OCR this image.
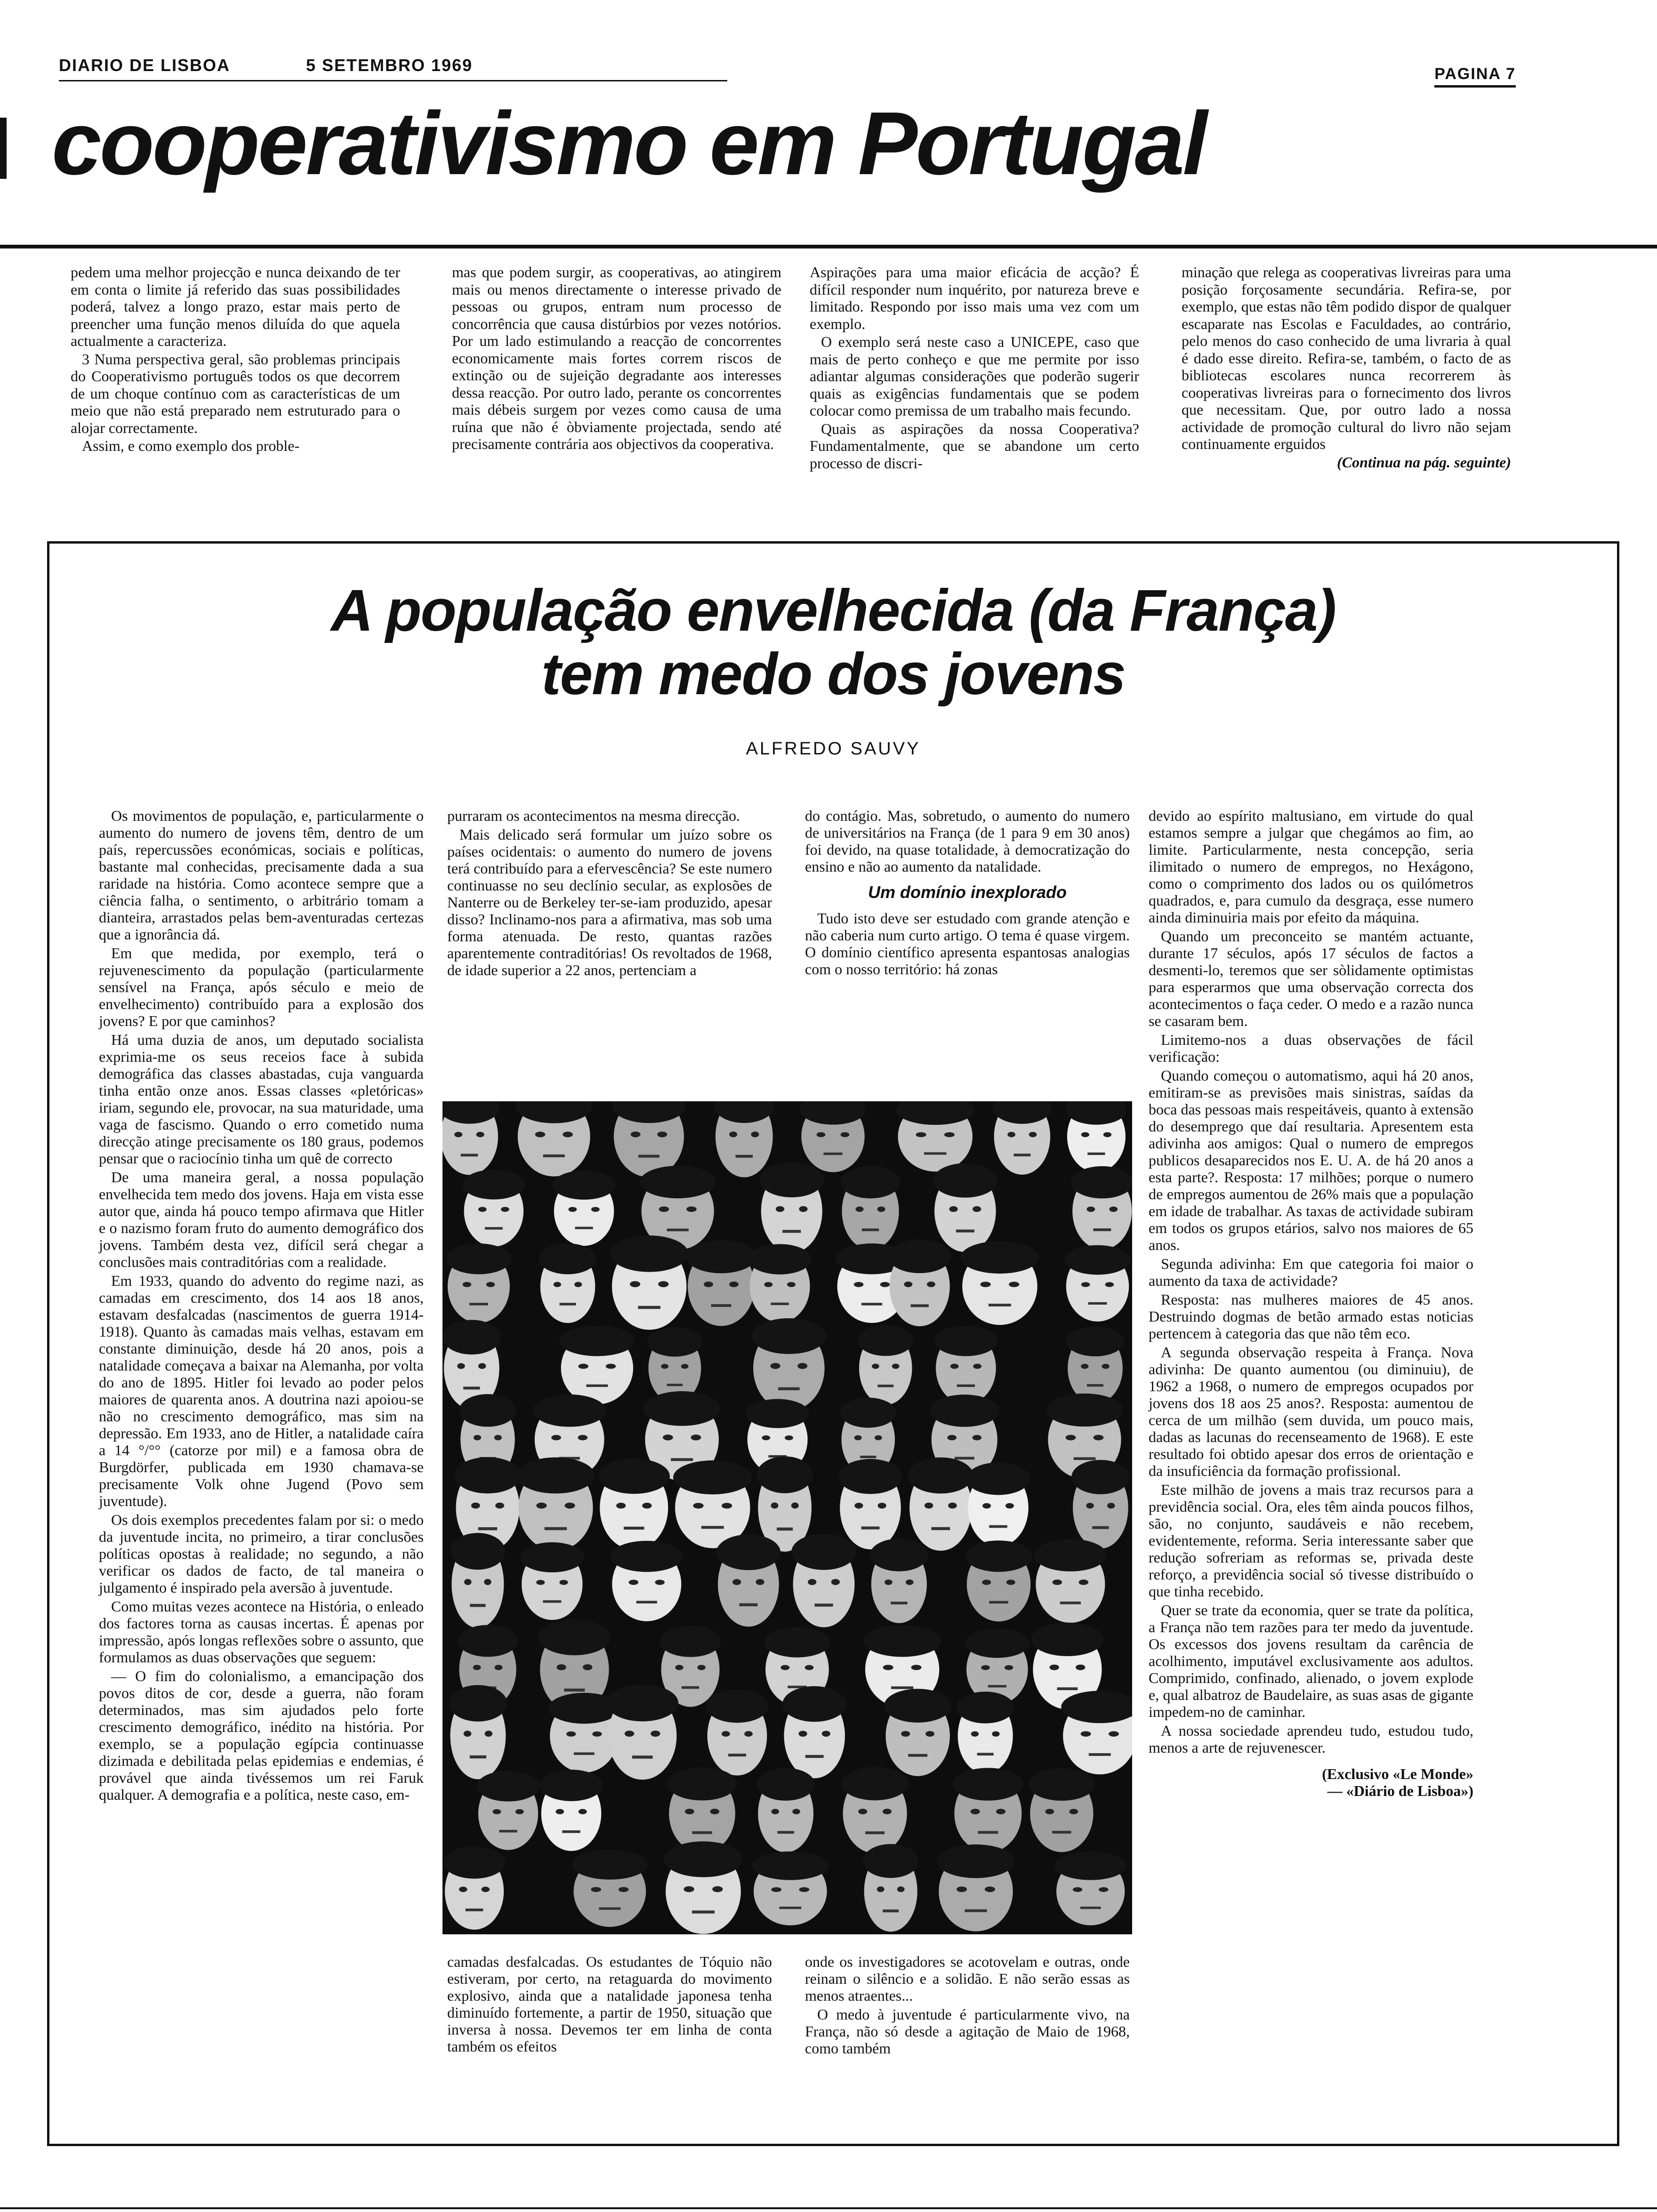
DIARIO DE LISBOA	5 SETEMBRO 1969	PAGINA 7
cooperativismo em Portugal

pedem uma melhor projecção e nunca deixando de ter em conta o limite já referido das suas possibilidades poderá, talvez a longo prazo, estar mais perto de preencher uma função menos diluída do que aquela actualmente a caracteriza.

3 Numa perspectiva geral, são problemas principais do Cooperativismo português todos os que decorrem de um choque contínuo com as características de um meio que não está preparado nem estruturado para o alojar correctamente.

Assim, e como exemplo dos proble-

mas que podem surgir, as cooperativas, ao atingirem mais ou menos directamente o interesse privado de pessoas ou grupos, entram num processo de concorrência que causa distúrbios por vezes notórios. Por um lado estimulando a reacção de concorrentes economicamente mais fortes correm riscos de extinção ou de sujeição degradante aos interesses dessa reacção. Por outro lado, perante os concorrentes mais débeis surgem por vezes como causa de uma ruína que não é òbviamente projectada, sendo até precisamente contrária aos objectivos da cooperativa.

Aspirações para uma maior eficácia de acção? É difícil responder num inquérito, por natureza breve e limitado. Respondo por isso mais uma vez com um exemplo.

O exemplo será neste caso a UNICEPE, caso que mais de perto conheço e que me permite por isso adiantar algumas considerações que poderão sugerir quais as exigências fundamentais que se podem colocar como premissa de um trabalho mais fecundo.

Quais as aspirações da nossa Cooperativa? Fundamentalmente, que se abandone um certo processo de discri-

minação que relega as cooperativas livreiras para uma posição forçosamente secundária. Refira-se, por exemplo, que estas não têm podido dispor de qualquer escaparate nas Escolas e Faculdades, ao contrário, pelo menos do caso conhecido de uma livraria à qual é dado esse direito. Refira-se, também, o facto de as bibliotecas escolares nunca recorrerem às cooperativas livreiras para o fornecimento dos livros que necessitam. Que, por outro lado a nossa actividade de promoção cultural do livro não sejam continuamente erguidos

(Continua na pág. seguinte)
A população envelhecida (da França)
tem medo dos jovens
ALFREDO SAUVY

Os movimentos de população, e, particularmente o aumento do numero de jovens têm, dentro de um país, repercussões económicas, sociais e políticas, bastante mal conhecidas, precisamente dada a sua raridade na história. Como acontece sempre que a ciência falha, o sentimento, o arbitrário tomam a dianteira, arrastados pelas bem-aventuradas certezas que a ignorância dá.

Em que medida, por exemplo, terá o rejuvenescimento da população (particularmente sensível na França, após século e meio de envelhecimento) contribuído para a explosão dos jovens? E por que caminhos?

Há uma duzia de anos, um deputado socialista exprimia-me os seus receios face à subida demográfica das classes abastadas, cuja vanguarda tinha então onze anos. Essas classes «pletóricas» iriam, segundo ele, provocar, na sua maturidade, uma vaga de fascismo. Quando o erro cometido numa direcção atinge precisamente os 180 graus, podemos pensar que o raciocínio tinha um quê de correcto

De uma maneira geral, a nossa população envelhecida tem medo dos jovens. Haja em vista esse autor que, ainda há pouco tempo afirmava que Hitler e o nazismo foram fruto do aumento demográfico dos jovens. Também desta vez, difícil será chegar a conclusões mais contraditórias com a realidade.

Em 1933, quando do advento do regime nazi, as camadas em crescimento, dos 14 aos 18 anos, estavam desfalcadas (nascimentos de guerra 1914-1918). Quanto às camadas mais velhas, estavam em constante diminuição, desde há 20 anos, pois a natalidade começava a baixar na Alemanha, por volta do ano de 1895. Hitler foi levado ao poder pelos maiores de quarenta anos. A doutrina nazi apoiou-se não no crescimento demográfico, mas sim na depressão. Em 1933, ano de Hitler, a natalidade caíra a 14 °/°° (catorze por mil) e a famosa obra de Burgdörfer, publicada em 1930 chamava-se precisamente Volk ohne Jugend (Povo sem juventude).

Os dois exemplos precedentes falam por si: o medo da juventude incita, no primeiro, a tirar conclusões políticas opostas à realidade; no segundo, a não verificar os dados de facto, de tal maneira o julgamento é inspirado pela aversão à juventude.

Como muitas vezes acontece na História, o enleado dos factores torna as causas incertas. É apenas por impressão, após longas reflexões sobre o assunto, que formulamos as duas observações que seguem:

— O fim do colonialismo, a emancipação dos povos ditos de cor, desde a guerra, não foram determinados, mas sim ajudados pelo forte crescimento demográfico, inédito na história. Por exemplo, se a população egípcia continuasse dizimada e debilitada pelas epidemias e endemias, é provável que ainda tivéssemos um rei Faruk qualquer. A demografia e a política, neste caso, em-

purraram os acontecimentos na mesma direcção.

Mais delicado será formular um juízo sobre os países ocidentais: o aumento do numero de jovens terá contribuído para a efervescência? Se este numero continuasse no seu declínio secular, as explosões de Nanterre ou de Berkeley ter-se-iam produzido, apesar disso? Inclinamo-nos para a afirmativa, mas sob uma forma atenuada. De resto, quantas razões aparentemente contraditórias! Os revoltados de 1968, de idade superior a 22 anos, pertenciam a

do contágio. Mas, sobretudo, o aumento do numero de universitários na França (de 1 para 9 em 30 anos) foi devido, na quase totalidade, à democratização do ensino e não ao aumento da natalidade.

Um domínio inexplorado

Tudo isto deve ser estudado com grande atenção e não caberia num curto artigo. O tema é quase virgem. O domínio científico apresenta espantosas analogias com o nosso território: há zonas

camadas desfalcadas. Os estudantes de Tóquio não estiveram, por certo, na retaguarda do movimento explosivo, ainda que a natalidade japonesa tenha diminuído fortemente, a partir de 1950, situação que inversa à nossa. Devemos ter em linha de conta também os efeitos

onde os investigadores se acotovelam e outras, onde reinam o silêncio e a solidão. E não serão essas as menos atraentes...

O medo à juventude é particularmente vivo, na França, não só desde a agitação de Maio de 1968, como também

devido ao espírito maltusiano, em virtude do qual estamos sempre a julgar que chegámos ao fim, ao limite. Particularmente, nesta concepção, seria ilimitado o numero de empregos, no Hexágono, como o comprimento dos lados ou os quilómetros quadrados, e, para cumulo da desgraça, esse numero ainda diminuiria mais por efeito da máquina.

Quando um preconceito se mantém actuante, durante 17 séculos, após 17 séculos de factos a desmenti-lo, teremos que ser sòlidamente optimistas para esperarmos que uma observação correcta dos acontecimentos o faça ceder. O medo e a razão nunca se casaram bem.

Limitemo-nos a duas observações de fácil verificação:

Quando começou o automatismo, aqui há 20 anos, emitiram-se as previsões mais sinistras, saídas da boca das pessoas mais respeitáveis, quanto à extensão do desemprego que daí resultaria. Apresentem esta adivinha aos amigos: Qual o numero de empregos publicos desaparecidos nos E. U. A. de há 20 anos a esta parte?. Resposta: 17 milhões; porque o numero de empregos aumentou de 26% mais que a população em idade de trabalhar. As taxas de actividade subiram em todos os grupos etários, salvo nos maiores de 65 anos.

Segunda adivinha: Em que categoria foi maior o aumento da taxa de actividade?

Resposta: nas mulheres maiores de 45 anos. Destruindo dogmas de betão armado estas noticias pertencem à categoria das que não têm eco.

A segunda observação respeita à França. Nova adivinha: De quanto aumentou (ou diminuiu), de 1962 a 1968, o numero de empregos ocupados por jovens dos 18 aos 25 anos?. Resposta: aumentou de cerca de um milhão (sem duvida, um pouco mais, dadas as lacunas do recenseamento de 1968). E este resultado foi obtido apesar dos erros de orientação e da insuficiência da formação profissional.

Este milhão de jovens a mais traz recursos para a previdência social. Ora, eles têm ainda poucos filhos, são, no conjunto, saudáveis e não recebem, evidentemente, reforma. Seria interessante saber que redução sofreriam as reformas se, privada deste reforço, a previdência social só tivesse distribuído o que tinha recebido.

Quer se trate da economia, quer se trate da política, a França não tem razões para ter medo da juventude. Os excessos dos jovens resultam da carência de acolhimento, imputável exclusivamente aos adultos. Comprimido, confinado, alienado, o jovem explode e, qual albatroz de Baudelaire, as suas asas de gigante impedem-no de caminhar.

A nossa sociedade aprendeu tudo, estudou tudo, menos a arte de rejuvenescer.

(Exclusivo «Le Monde»
— «Diário de Lisboa»)
